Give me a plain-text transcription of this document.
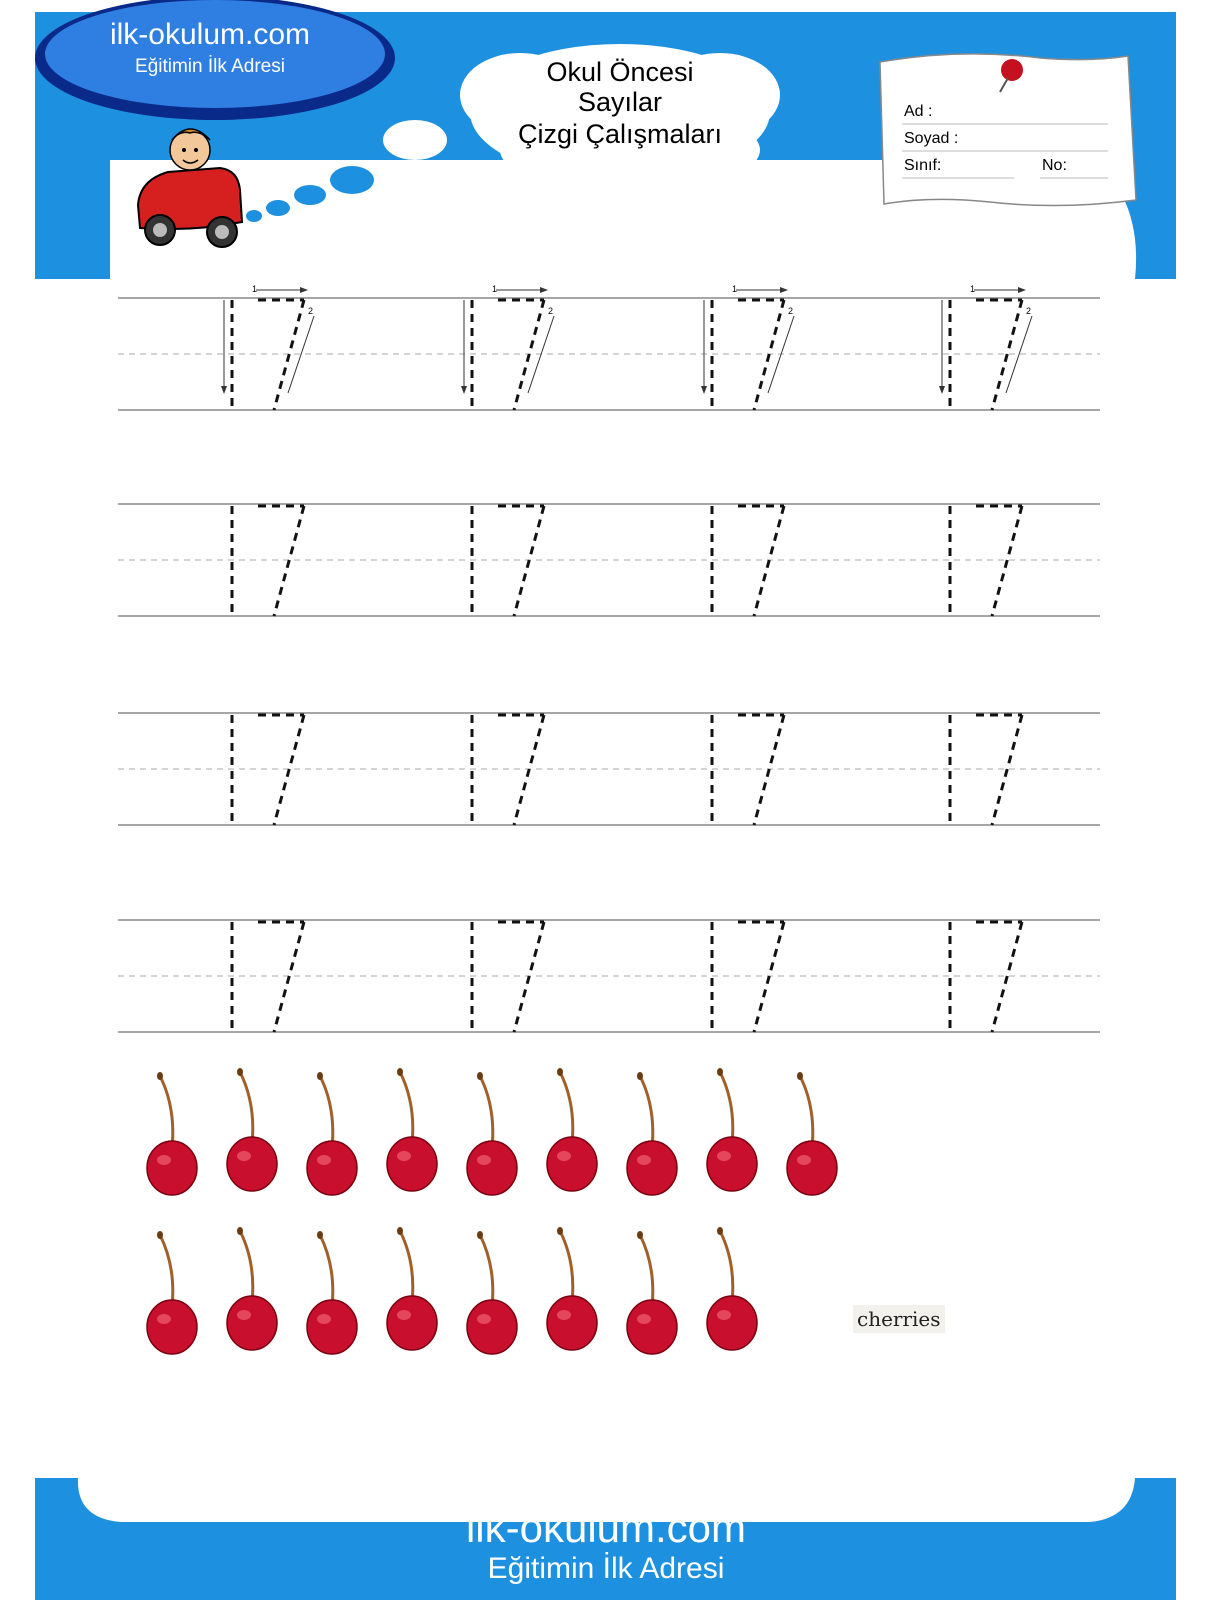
ilk-okulum.com
Eğitimin İlk Adresi	Okul Öncesi
Sayılar
Çizgi Çalışmaları
Ad :
Soyad :
Sınıf:	No:
1
2
1
2
1
2
1
2
cherries
ilk-okulum.com
Eğitimin İlk Adresi
